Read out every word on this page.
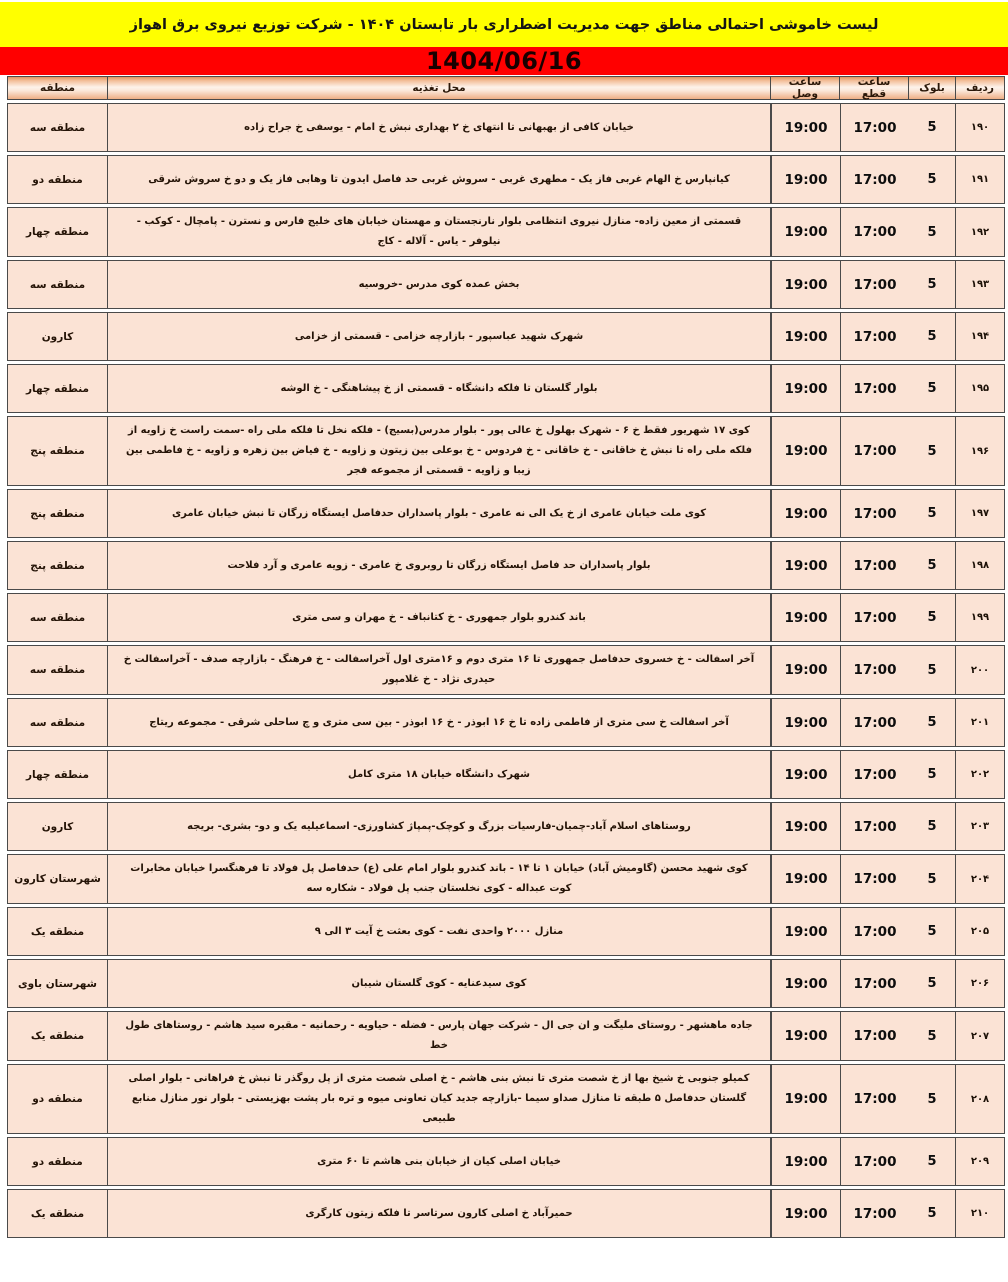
لیست خاموشی احتمالی مناطق جهت مدیریت اضطراری بار تابستان ۱۴۰۴ - شرکت توزیع نیروی برق اهواز
1404/06/16
ردیف
بلوک
ساعت قطع
ساعت وصل
محل تغذیه
منطقه
۱۹۰
5
17:00
19:00
خیابان کافی از بهبهانی تا انتهای خ ۲ بهداری نبش خ امام - یوسفی خ جراح زاده
منطقه سه
۱۹۱
5
17:00
19:00
کیانپارس خ الهام غربی فاز یک - مطهری غربی - سروش غربی حد فاصل ایدون تا وهابی فاز یک و دو خ سروش شرقی
منطقه دو
۱۹۲
5
17:00
19:00
قسمتی از معین زاده- منازل نیروی انتظامی بلوار نارنجستان و مهستان خیابان های خلیج فارس و نسترن - پامچال - کوکب - نیلوفر - یاس - آلاله - کاج
منطقه چهار
۱۹۳
5
17:00
19:00
بخش عمده کوی مدرس -خروسیه
منطقه سه
۱۹۴
5
17:00
19:00
شهرک شهید عباسپور - بازارچه خزامی - قسمتی از خزامی
کارون
۱۹۵
5
17:00
19:00
بلوار گلستان تا فلکه دانشگاه - قسمتی از خ پیشاهنگی - خ الوشه
منطقه چهار
۱۹۶
5
17:00
19:00
کوی ۱۷ شهریور فقط خ ۶ - شهرک بهلول خ عالی پور - بلوار مدرس(بسیج) - فلکه نخل تا فلکه ملی راه -سمت راست خ زاویه از فلکه ملی راه تا نبش خ خاقانی - خ خاقانی - خ فردوس - خ بوعلی بین زیتون و زاویه - خ فیاض بین زهره و زاویه - خ فاطمی بین زیبا و زاویه - قسمتی از مجموعه فجر
منطقه پنج
۱۹۷
5
17:00
19:00
کوی ملت خیابان عامری از خ یک الی نه عامری - بلوار پاسداران حدفاصل ایستگاه زرگان تا نبش خیابان عامری
منطقه پنج
۱۹۸
5
17:00
19:00
بلوار پاسداران حد فاصل ایستگاه زرگان تا روبروی خ عامری - زویه عامری و آرد فلاحت
منطقه پنج
۱۹۹
5
17:00
19:00
باند کندرو بلوار جمهوری - خ کتانباف - خ مهران و سی متری
منطقه سه
۲۰۰
5
17:00
19:00
آخر اسفالت - خ خسروی حدفاصل جمهوری تا ۱۶ متری دوم و ۱۶متری اول آخراسفالت - خ فرهنگ - بازارچه صدف - آخراسفالت خ حیدری نژاد - خ غلامپور
منطقه سه
۲۰۱
5
17:00
19:00
آخر اسفالت خ سی متری از فاطمی زاده تا خ ۱۶ ابوذر - خ ۱۶ ابوذر - بین سی متری و چ ساحلی شرقی - مجموعه ریتاج
منطقه سه
۲۰۲
5
17:00
19:00
شهرک دانشگاه خیابان ۱۸ متری کامل
منطقه چهار
۲۰۳
5
17:00
19:00
روستاهای اسلام آباد-چمیان-فارسیات بزرگ و کوچک-پمپاژ کشاورزی- اسماعیلیه یک و دو- بشری- بریجه
کارون
۲۰۴
5
17:00
19:00
کوی شهید محسن (گاومیش آباد) خیابان ۱ تا ۱۴ - باند کندرو بلوار امام علی (ع) حدفاصل پل فولاد تا فرهنگسرا خیابان مخابرات کوت عبداله - کوی نخلستان جنب پل فولاد - شکاره سه
شهرستان کارون
۲۰۵
5
17:00
19:00
منازل ۲۰۰۰ واحدی نفت - کوی بعثت خ آیت ۳ الی ۹
منطقه یک
۲۰۶
5
17:00
19:00
کوی سیدعنایه - کوی گلستان شیبان
شهرستان باوی
۲۰۷
5
17:00
19:00
جاده ماهشهر - روستای ملیگت و ان جی ال - شرکت جهان پارس - فضله - حیاویه - رحمانیه - مقبره سید هاشم - روستاهای طول خط
منطقه یک
۲۰۸
5
17:00
19:00
کمیلو جنوبی خ شیخ بها از خ شصت متری تا نبش بنی هاشم - خ اصلی شصت متری از پل روگذر تا نبش خ فراهانی - بلوار اصلی گلستان حدفاصل ۵ طبقه تا منازل صداو سیما -بازارچه جدید کیان تعاونی میوه و تره بار پشت بهزیستی - بلوار نور منازل منابع طبیعی
منطقه دو
۲۰۹
5
17:00
19:00
خیابان اصلی کیان از خیابان بنی هاشم تا ۶۰ متری
منطقه دو
۲۱۰
5
17:00
19:00
حمیرآباد خ اصلی کارون سرتاسر تا فلکه زیتون کارگری
منطقه یک
